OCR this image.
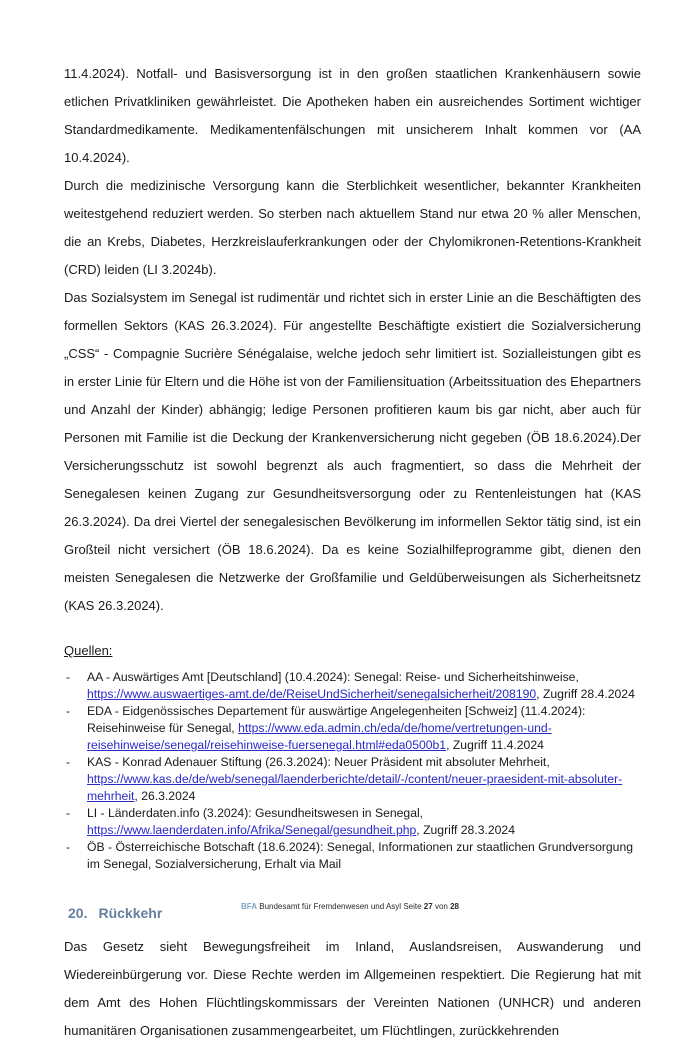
11.4.2024). Notfall- und Basisversorgung ist in den großen staatlichen Krankenhäusern sowie etlichen Privatkliniken gewährleistet. Die Apotheken haben ein ausreichendes Sortiment wichtiger Standardmedikamente. Medikamentenfälschungen mit unsicherem Inhalt kommen vor (AA 10.4.2024).

Durch die medizinische Versorgung kann die Sterblichkeit wesentlicher, bekannter Krankheiten weitestgehend reduziert werden. So sterben nach aktuellem Stand nur etwa 20 % aller Menschen, die an Krebs, Diabetes, Herzkreislauferkrankungen oder der Chylomikronen-Retentions-Krankheit (CRD) leiden (LI 3.2024b).

Das Sozialsystem im Senegal ist rudimentär und richtet sich in erster Linie an die Beschäftigten des formellen Sektors (KAS 26.3.2024). Für angestellte Beschäftigte existiert die Sozialversicherung „CSS“ - Compagnie Sucrière Sénégalaise, welche jedoch sehr limitiert ist. Sozialleistungen gibt es in erster Linie für Eltern und die Höhe ist von der Familiensituation (Arbeitssituation des Ehepartners und Anzahl der Kinder) abhängig; ledige Personen profitieren kaum bis gar nicht, aber auch für Personen mit Familie ist die Deckung der Krankenversicherung nicht gegeben (ÖB 18.6.2024).Der Versicherungsschutz ist sowohl begrenzt als auch fragmentiert, so dass die Mehrheit der Senegalesen keinen Zugang zur Gesundheitsversorgung oder zu Rentenleistungen hat (KAS 26.3.2024). Da drei Viertel der senegalesischen Bevölkerung im informellen Sektor tätig sind, ist ein Großteil nicht versichert (ÖB 18.6.2024). Da es keine Sozialhilfeprogramme gibt, dienen den meisten Senegalesen die Netzwerke der Großfamilie und Geldüberweisungen als Sicherheitsnetz (KAS 26.3.2024).

Quellen:
- AA - Auswärtiges Amt [Deutschland] (10.4.2024): Senegal: Reise- und Sicherheitshinweise, https://www.auswaertiges-amt.de/de/ReiseUndSicherheit/senegalsicherheit/208190, Zugriff 28.4.2024
- EDA - Eidgenössisches Departement für auswärtige Angelegenheiten [Schweiz] (11.4.2024): Reisehinweise für Senegal, https://www.eda.admin.ch/eda/de/home/vertretungen-und-reisehinweise/senegal/reisehinweise-fuersenegal.html#eda0500b1, Zugriff 11.4.2024
- KAS - Konrad Adenauer Stiftung (26.3.2024): Neuer Präsident mit absoluter Mehrheit, https://www.kas.de/de/web/senegal/laenderberichte/detail/-/content/neuer-praesident-mit-absoluter-mehrheit, 26.3.2024
- LI - Länderdaten.info (3.2024): Gesundheitswesen in Senegal, https://www.laenderdaten.info/Afrika/Senegal/gesundheit.php, Zugriff 28.3.2024
- ÖB - Österreichische Botschaft (18.6.2024): Senegal, Informationen zur staatlichen Grundversorgung im Senegal, Sozialversicherung, Erhalt via Mail
20. Rückkehr

Das Gesetz sieht Bewegungsfreiheit im Inland, Auslandsreisen, Auswanderung und Wiedereinbürgerung vor. Diese Rechte werden im Allgemeinen respektiert. Die Regierung hat mit dem Amt des Hohen Flüchtlingskommissars der Vereinten Nationen (UNHCR) und anderen humanitären Organisationen zusammengearbeitet, um Flüchtlingen, zurückkehrenden

BFA Bundesamt für Fremdenwesen und Asyl Seite 27 von 28
